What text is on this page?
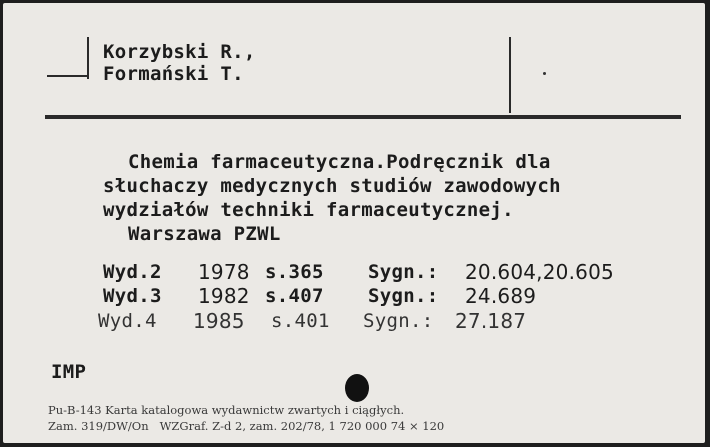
Korzybski R.,
Formański T.
Chemia farmaceutyczna.Podręcznik dla
słuchaczy medycznych studiów zawodowych
wydziałów techniki farmaceutycznej.
Warszawa PZWL
Wyd.2 1978 s.365 Sygn.: 20.604,20.605
Wyd.3 1982 s.407 Sygn.: 24.689
Wyd.4 1985 s.401 Sygn.: 27.187
IMP
Pu-B-143 Karta katalogowa wydawnictw zwartych i ciągłych.
Zam. 319/DW/On   WZGraf. Z-d 2, zam. 202/78, 1 720 000 74 × 120
